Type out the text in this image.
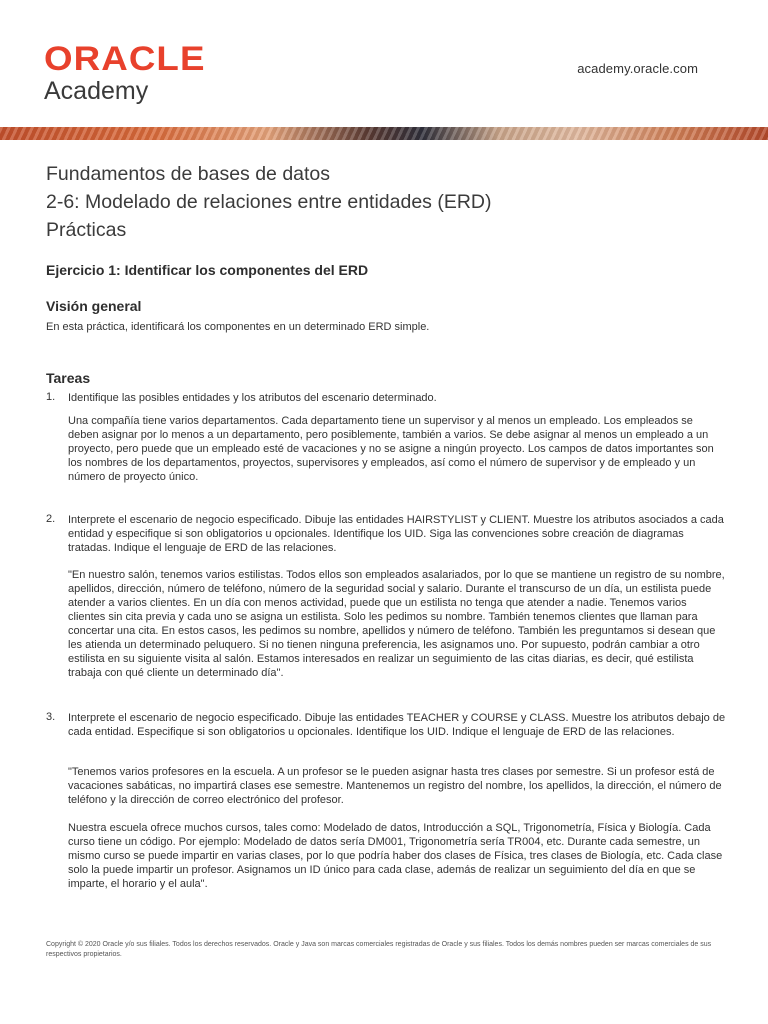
ORACLE
Academy
academy.oracle.com
Fundamentos de bases de datos
2-6: Modelado de relaciones entre entidades (ERD)
Prácticas
Ejercicio 1: Identificar los componentes del ERD
Visión general
En esta práctica, identificará los componentes en un determinado ERD simple.
Tareas
1. Identifique las posibles entidades y los atributos del escenario determinado.

Una compañía tiene varios departamentos. Cada departamento tiene un supervisor y al menos un empleado. Los empleados se deben asignar por lo menos a un departamento, pero posiblemente, también a varios. Se debe asignar al menos un empleado a un proyecto, pero puede que un empleado esté de vacaciones y no se asigne a ningún proyecto. Los campos de datos importantes son los nombres de los departamentos, proyectos, supervisores y empleados, así como el número de supervisor y de empleado y un número de proyecto único.

2. Interprete el escenario de negocio especificado. Dibuje las entidades HAIRSTYLIST y CLIENT. Muestre los atributos asociados a cada entidad y especifique si son obligatorios u opcionales. Identifique los UID. Siga las convenciones sobre creación de diagramas tratadas. Indique el lenguaje de ERD de las relaciones.

"En nuestro salón, tenemos varios estilistas. Todos ellos son empleados asalariados, por lo que se mantiene un registro de su nombre, apellidos, dirección, número de teléfono, número de la seguridad social y salario. Durante el transcurso de un día, un estilista puede atender a varios clientes. En un día con menos actividad, puede que un estilista no tenga que atender a nadie. Tenemos varios clientes sin cita previa y cada uno se asigna un estilista. Solo les pedimos su nombre. También tenemos clientes que llaman para concertar una cita. En estos casos, les pedimos su nombre, apellidos y número de teléfono. También les preguntamos si desean que les atienda un determinado peluquero. Si no tienen ninguna preferencia, les asignamos uno. Por supuesto, podrán cambiar a otro estilista en su siguiente visita al salón. Estamos interesados en realizar un seguimiento de las citas diarias, es decir, qué estilista trabaja con qué cliente un determinado día".

3. Interprete el escenario de negocio especificado. Dibuje las entidades TEACHER y COURSE y CLASS. Muestre los atributos debajo de cada entidad. Especifique si son obligatorios u opcionales. Identifique los UID. Indique el lenguaje de ERD de las relaciones.

"Tenemos varios profesores en la escuela. A un profesor se le pueden asignar hasta tres clases por semestre. Si un profesor está de vacaciones sabáticas, no impartirá clases ese semestre. Mantenemos un registro del nombre, los apellidos, la dirección, el número de teléfono y la dirección de correo electrónico del profesor.

Nuestra escuela ofrece muchos cursos, tales como: Modelado de datos, Introducción a SQL, Trigonometría, Física y Biología. Cada curso tiene un código. Por ejemplo: Modelado de datos sería DM001, Trigonometría sería TR004, etc. Durante cada semestre, un mismo curso se puede impartir en varias clases, por lo que podría haber dos clases de Física, tres clases de Biología, etc. Cada clase solo la puede impartir un profesor. Asignamos un ID único para cada clase, además de realizar un seguimiento del día en que se imparte, el horario y el aula".

Copyright © 2020 Oracle y/o sus filiales. Todos los derechos reservados. Oracle y Java son marcas comerciales registradas de Oracle y sus filiales. Todos los demás nombres pueden ser marcas comerciales de sus respectivos propietarios.
